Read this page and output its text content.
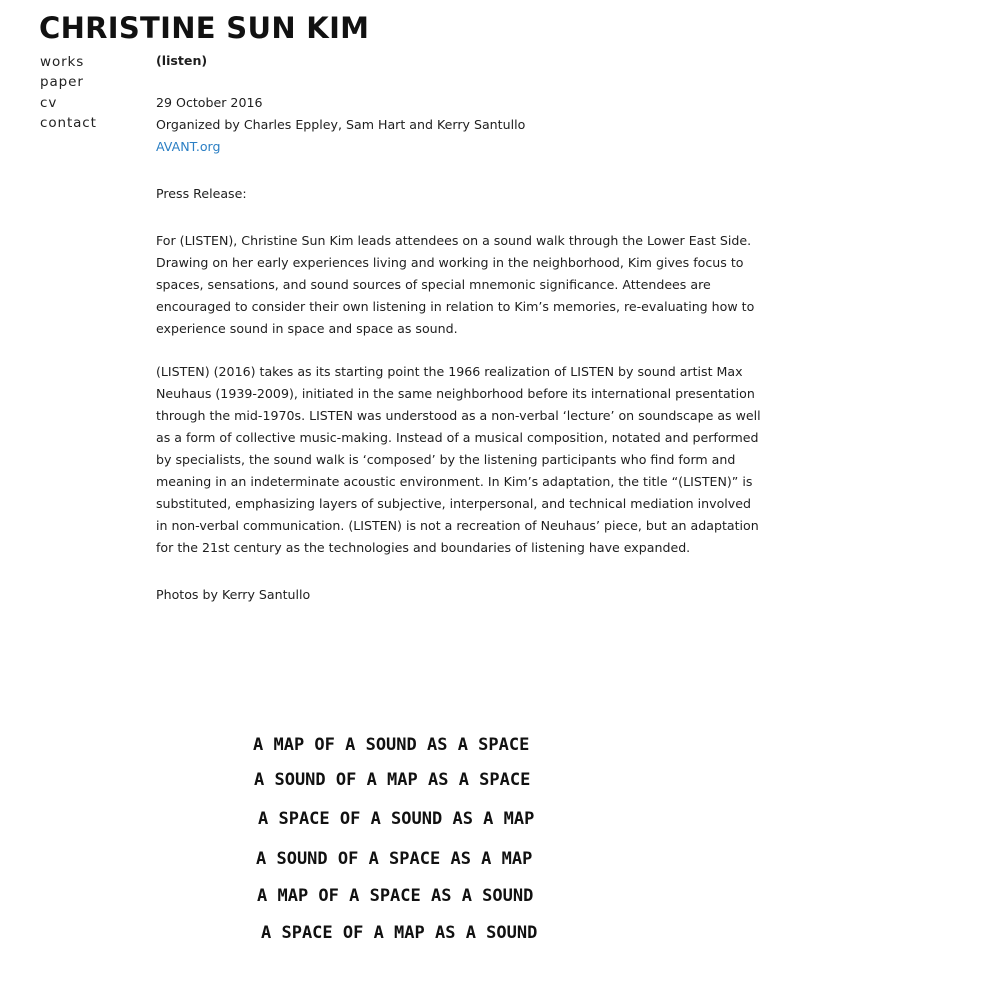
CHRISTINE SUN KIM
works
paper
cv
contact

(listen)

29 October 2016

Organized by Charles Eppley, Sam Hart and Kerry Santullo

AVANT.org

Press Release:

For (LISTEN), Christine Sun Kim leads attendees on a sound walk through the Lower East Side. Drawing on her early experiences living and working in the neighborhood, Kim gives focus to spaces, sensations, and sound sources of special mnemonic significance. Attendees are encouraged to consider their own listening in relation to Kim’s memories, re-evaluating how to experience sound in space and space as sound.

(LISTEN) (2016) takes as its starting point the 1966 realization of LISTEN by sound artist Max Neuhaus (1939-2009), initiated in the same neighborhood before its international presentation through the mid-1970s. LISTEN was understood as a non-verbal ‘lecture’ on soundscape as well as a form of collective music-making. Instead of a musical composition, notated and performed by specialists, the sound walk is ‘composed’ by the listening participants who find form and meaning in an indeterminate acoustic environment. In Kim’s adaptation, the title “(LISTEN)” is substituted, emphasizing layers of subjective, interpersonal, and technical mediation involved in non-verbal communication. (LISTEN) is not a recreation of Neuhaus’ piece, but an adaptation for the 21st century as the technologies and boundaries of listening have expanded.

Photos by Kerry Santullo

A MAP OF A SOUND AS A SPACE
A SOUND OF A MAP AS A SPACE
A SPACE OF A SOUND AS A MAP
A SOUND OF A SPACE AS A MAP
A MAP OF A SPACE AS A SOUND
A SPACE OF A MAP AS A SOUND
